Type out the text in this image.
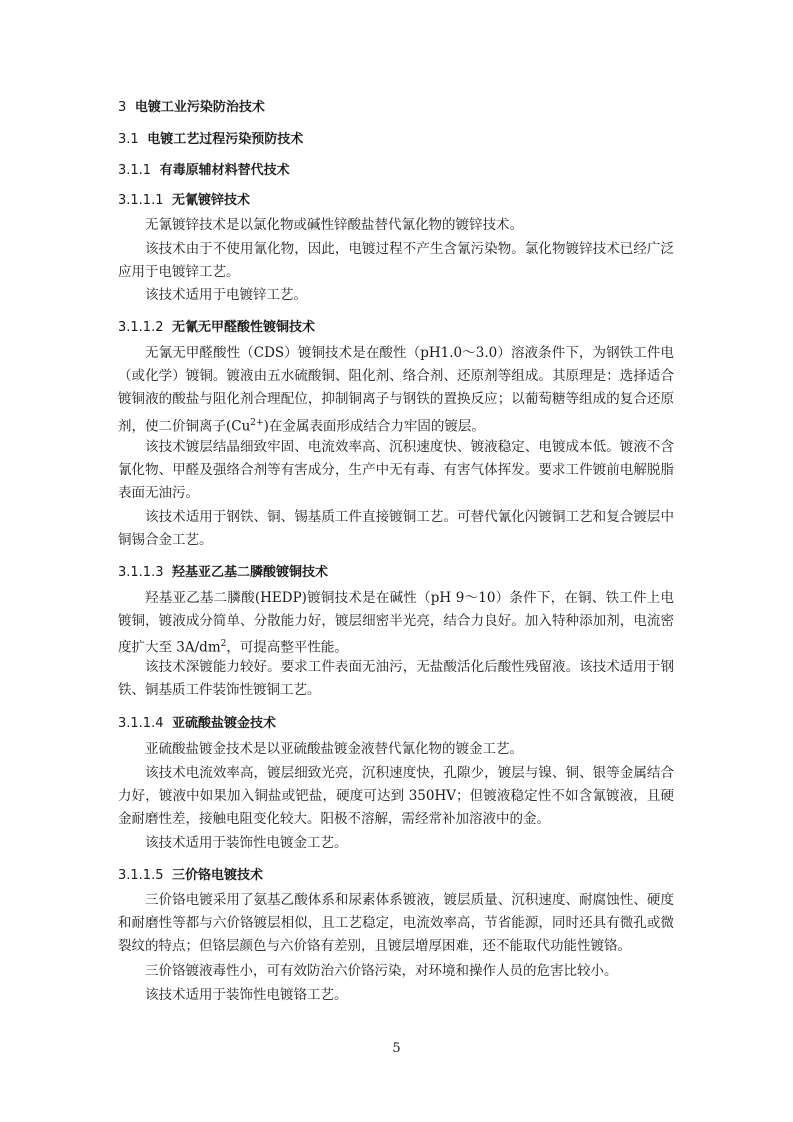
3 电镀工业污染防治技术
3.1 电镀工艺过程污染预防技术
3.1.1 有毒原辅材料替代技术
3.1.1.1 无氰镀锌技术

无氰镀锌技术是以氯化物或碱性锌酸盐替代氰化物的镀锌技术。

该技术由于不使用氰化物，因此，电镀过程不产生含氰污染物。氯化物镀锌技术已经广泛应用于电镀锌工艺。

该技术适用于电镀锌工艺。

3.1.1.2 无氰无甲醛酸性镀铜技术

无氰无甲醛酸性（CDS）镀铜技术是在酸性（pH1.0～3.0）溶液条件下，为钢铁工件电（或化学）镀铜。镀液由五水硫酸铜、阻化剂、络合剂、还原剂等组成。其原理是：选择适合镀铜液的酸盐与阻化剂合理配位，抑制铜离子与钢铁的置换反应；以葡萄糖等组成的复合还原剂，使二价铜离子$(Cu^{2+})$在金属表面形成结合力牢固的镀层。

该技术镀层结晶细致牢固、电流效率高、沉积速度快、镀液稳定、电镀成本低。镀液不含氰化物、甲醛及强络合剂等有害成分，生产中无有毒、有害气体挥发。要求工件镀前电解脱脂表面无油污。

该技术适用于钢铁、铜、锡基质工件直接镀铜工艺。可替代氰化闪镀铜工艺和复合镀层中铜锡合金工艺。

3.1.1.3 羟基亚乙基二膦酸镀铜技术

羟基亚乙基二膦酸(HEDP)镀铜技术是在碱性（pH 9～10）条件下，在铜、铁工件上电镀铜，镀液成分简单、分散能力好，镀层细密半光亮，结合力良好。加入特种添加剂，电流密度扩大至 $3A/dm^2$，可提高整平性能。

该技术深镀能力较好。要求工件表面无油污，无盐酸活化后酸性残留液。该技术适用于钢铁、铜基质工件装饰性镀铜工艺。

3.1.1.4 亚硫酸盐镀金技术

亚硫酸盐镀金技术是以亚硫酸盐镀金液替代氰化物的镀金工艺。

该技术电流效率高，镀层细致光亮，沉积速度快，孔隙少，镀层与镍、铜、银等金属结合力好，镀液中如果加入铜盐或钯盐，硬度可达到 350HV；但镀液稳定性不如含氰镀液，且硬金耐磨性差，接触电阻变化较大。阳极不溶解，需经常补加溶液中的金。

该技术适用于装饰性电镀金工艺。

3.1.1.5 三价铬电镀技术

三价铬电镀采用了氨基乙酸体系和尿素体系镀液，镀层质量、沉积速度、耐腐蚀性、硬度和耐磨性等都与六价铬镀层相似，且工艺稳定，电流效率高，节省能源，同时还具有微孔或微裂纹的特点；但铬层颜色与六价铬有差别，且镀层增厚困难，还不能取代功能性镀铬。

三价铬镀液毒性小，可有效防治六价铬污染，对环境和操作人员的危害比较小。

该技术适用于装饰性电镀铬工艺。

5
